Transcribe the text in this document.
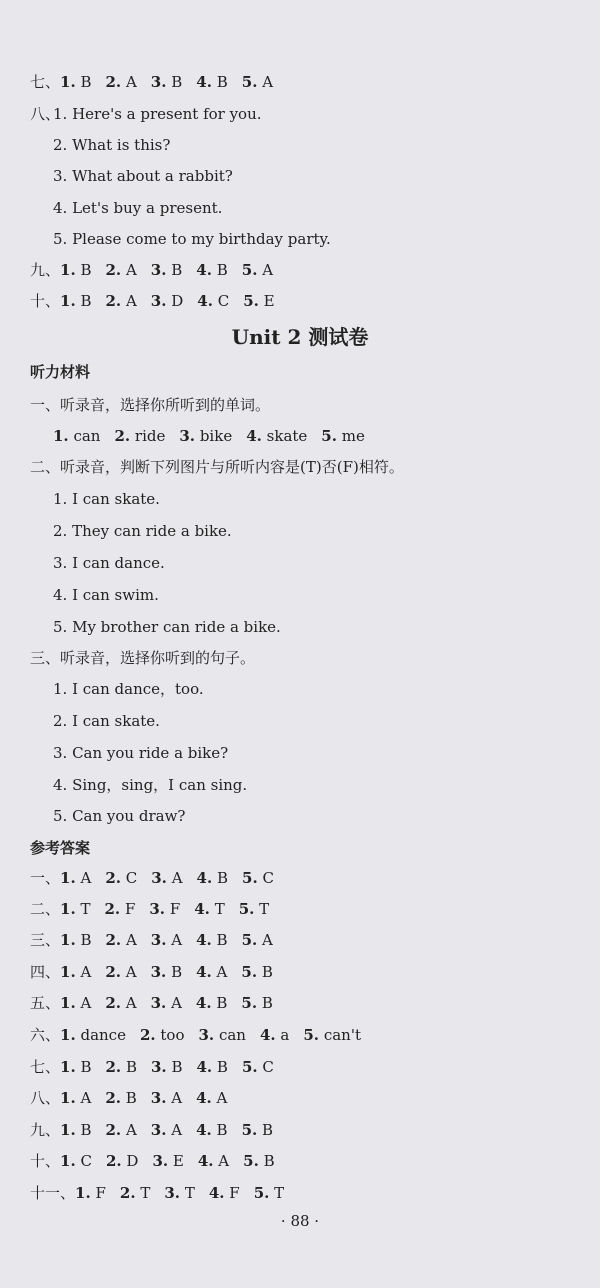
七、1. B 2. A 3. B 4. B 5. A
八、
1. Here's a present for you.
2. What is this?
3. What about a rabbit?
4. Let's buy a present.
5. Please come to my birthday party.
九、1. B 2. A 3. B 4. B 5. A
十、1. B 2. A 3. D 4. C 5. E
Unit 2 测试卷
听力材料
一、听录音，选择你所听到的单词。
1. can 2. ride 3. bike 4. skate 5. me
二、听录音，判断下列图片与所听内容是(T)否(F)相符。
1. I can skate.
2. They can ride a bike.
3. I can dance.
4. I can swim.
5. My brother can ride a bike.
三、听录音，选择你听到的句子。
1. I can dance，too.
2. I can skate.
3. Can you ride a bike?
4. Sing，sing，I can sing.
5. Can you draw?
参考答案
一、1. A 2. C 3. A 4. B 5. C
二、1. T 2. F 3. F 4. T 5. T
三、1. B 2. A 3. A 4. B 5. A
四、1. A 2. A 3. B 4. A 5. B
五、1. A 2. A 3. A 4. B 5. B
六、1. dance 2. too 3. can 4. a 5. can't
七、1. B 2. B 3. B 4. B 5. C
八、1. A 2. B 3. A 4. A
九、1. B 2. A 3. A 4. B 5. B
十、1. C 2. D 3. E 4. A 5. B
十一、1. F 2. T 3. T 4. F 5. T
· 88 ·
